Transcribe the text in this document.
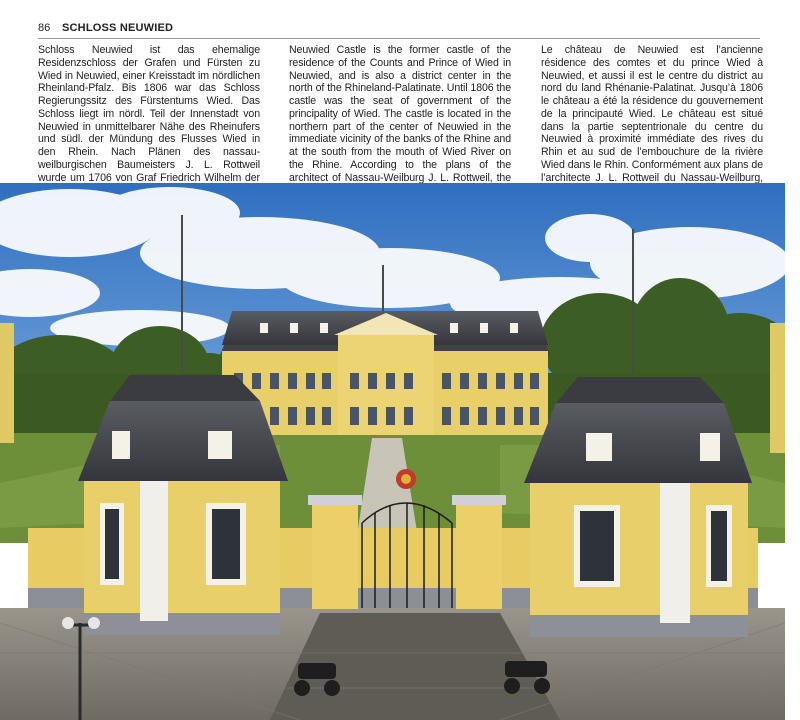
86 SCHLOSS NEUWIED
Schloss Neuwied ist das ehemalige Residenzschloss der Grafen und Fürsten zu Wied in Neuwied, einer Kreisstadt im nördlichen Rheinland-Pfalz. Bis 1806 war das Schloss Regierungssitz des Fürstentums Wied. Das Schloss liegt im nördl. Teil der Innenstadt von Neuwied in unmittelbarer Nähe des Rheinufers und südl. der Mündung des Flusses Wied in den Rhein. Nach Plänen des nassau-weilburgischen Baumeisters J. L. Rottweil wurde um 1706 von Graf Friedrich Wilhelm der
Neuwied Castle is the former castle of the residence of the Counts and Prince of Wied in Neuwied, and is also a district center in the north of the Rhineland-Palatinate. Until 1806 the castle was the seat of government of the principality of Wied. The castle is located in the northern part of the center of Neuwied in the immediate vicinity of the banks of the Rhine and at the south from the mouth of Wied River on the Rhine. According to the plans of the architect of Nassau-Weilburg J. L. Rottweil, the
Le château de Neuwied est l’ancienne résidence des comtes et du prince Wied à Neuwied, et aussi il est le centre du district au nord du land Rhénanie-Palatinat. Jusqu’à 1806 le château a été la résidence du gouvernement de la principauté Wied. Le château est situé dans la partie septentrionale du centre du Neuwied à proximité immédiate des rives du Rhin et au sud de l’embouchure de la rivière Wied dans le Rhin. Conformément aux plans de l’architecte J. L. Rottweil du Nassau-Weilburg,
